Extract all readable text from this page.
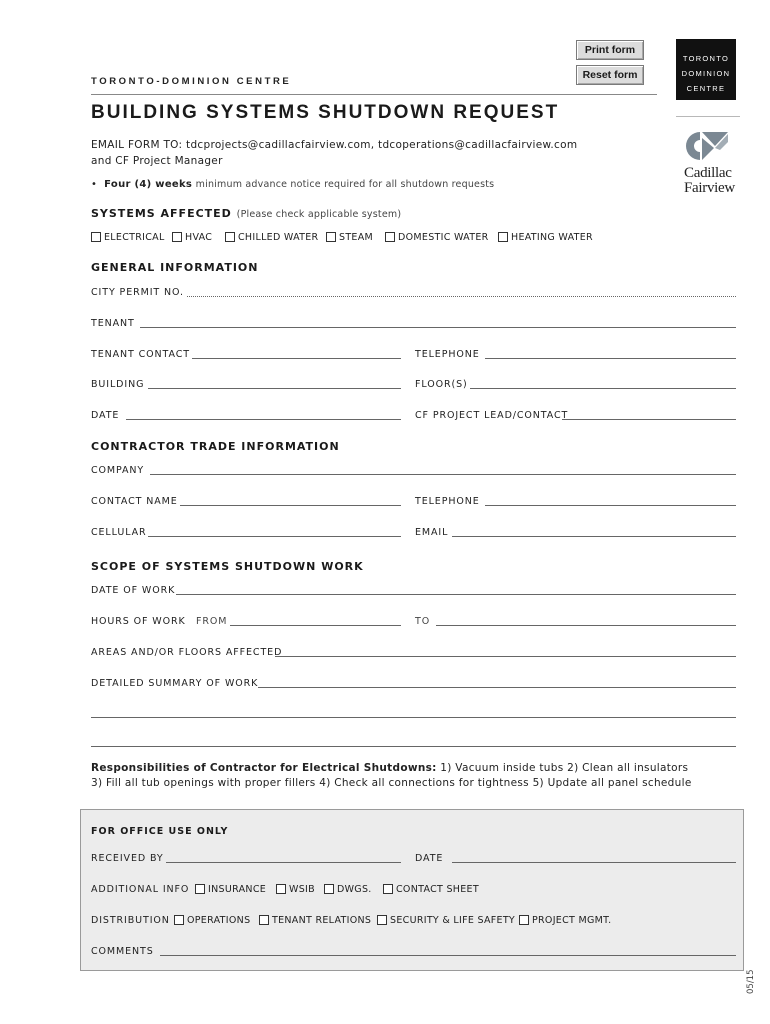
Print form
Reset form
TORONTO
DOMINION
CENTRE
Cadillac
Fairview
TORONTO-DOMINION CENTRE
BUILDING SYSTEMS SHUTDOWN REQUEST
EMAIL FORM TO: tdcprojects@cadillacfairview.com, tdcoperations@cadillacfairview.com
and CF Project Manager
• Four (4) weeks minimum advance notice required for all shutdown requests
SYSTEMS AFFECTED (Please check applicable system)
ELECTRICAL HVAC	CHILLED WATER STEAM	DOMESTIC WATER HEATING WATER
GENERAL INFORMATION
CITY PERMIT NO.
TENANT
TENANT CONTACT	TELEPHONE
BUILDING	FLOOR(S)
DATE	CF PROJECT LEAD/CONTACT
CONTRACTOR TRADE INFORMATION
COMPANY
CONTACT NAME	TELEPHONE
CELLULAR	EMAIL
SCOPE OF SYSTEMS SHUTDOWN WORK
DATE OF WORK
HOURS OF WORK FROM	TO
AREAS AND/OR FLOORS AFFECTED
DETAILED SUMMARY OF WORK
Responsibilities of Contractor for Electrical Shutdowns: 1) Vacuum inside tubs 2) Clean all insulators
3) Fill all tub openings with proper fillers 4) Check all connections for tightness 5) Update all panel schedule
FOR OFFICE USE ONLY
RECEIVED BY	DATE
ADDITIONAL INFO INSURANCE WSIB DWGS.	CONTACT SHEET
DISTRIBUTION OPERATIONS TENANT RELATIONS SECURITY & LIFE SAFETY PROJECT MGMT.
COMMENTS
05/15
